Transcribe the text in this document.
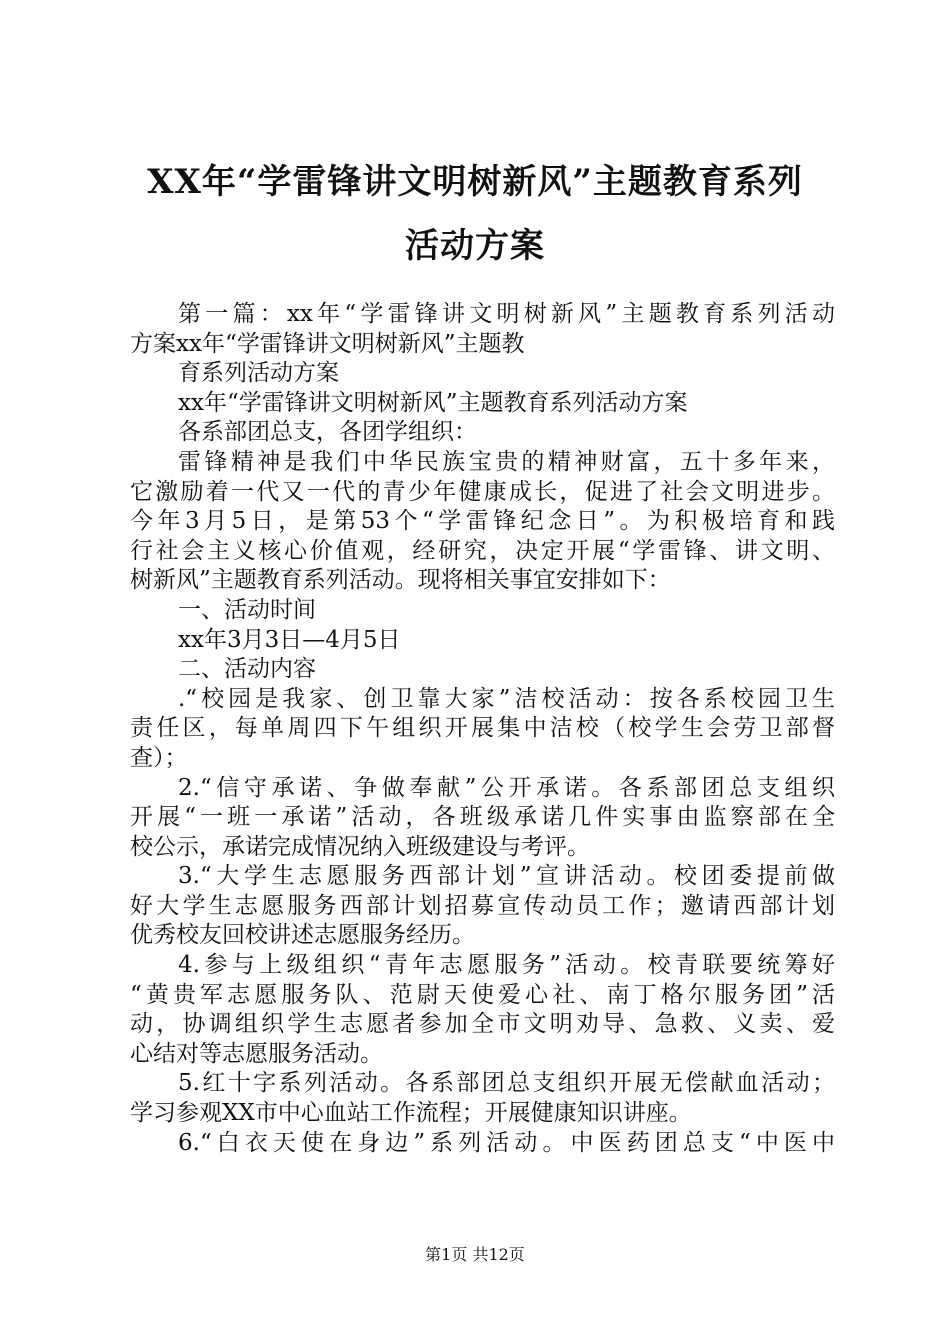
XX年“学雷锋讲文明树新风”主题教育系列
活动方案
第一篇：xx年“学雷锋讲文明树新风”主题教育系列活动
方案xx年“学雷锋讲文明树新风”主题教
育系列活动方案
xx年“学雷锋讲文明树新风”主题教育系列活动方案
各系部团总支，各团学组织：
雷锋精神是我们中华民族宝贵的精神财富，五十多年来，
它激励着一代又一代的青少年健康成长，促进了社会文明进步。
今年3月5日，是第53个“学雷锋纪念日”。为积极培育和践
行社会主义核心价值观，经研究，决定开展“学雷锋、讲文明、
树新风”主题教育系列活动。现将相关事宜安排如下：
一、活动时间
xx年3月3日—4月5日
二、活动内容
.“校园是我家、创卫靠大家”洁校活动：按各系校园卫生
责任区，每单周四下午组织开展集中洁校（校学生会劳卫部督
查）；
2.“信守承诺、争做奉献”公开承诺。各系部团总支组织
开展“一班一承诺”活动，各班级承诺几件实事由监察部在全
校公示，承诺完成情况纳入班级建设与考评。
3.“大学生志愿服务西部计划”宣讲活动。校团委提前做
好大学生志愿服务西部计划招募宣传动员工作；邀请西部计划
优秀校友回校讲述志愿服务经历。
4.参与上级组织“青年志愿服务”活动。校青联要统筹好
“黄贵军志愿服务队、范尉天使爱心社、南丁格尔服务团”活
动，协调组织学生志愿者参加全市文明劝导、急救、义卖、爱
心结对等志愿服务活动。
5.红十字系列活动。各系部团总支组织开展无偿献血活动；
学习参观XX市中心血站工作流程；开展健康知识讲座。
6.“白衣天使在身边”系列活动。中医药团总支“中医中
第1页 共12页
